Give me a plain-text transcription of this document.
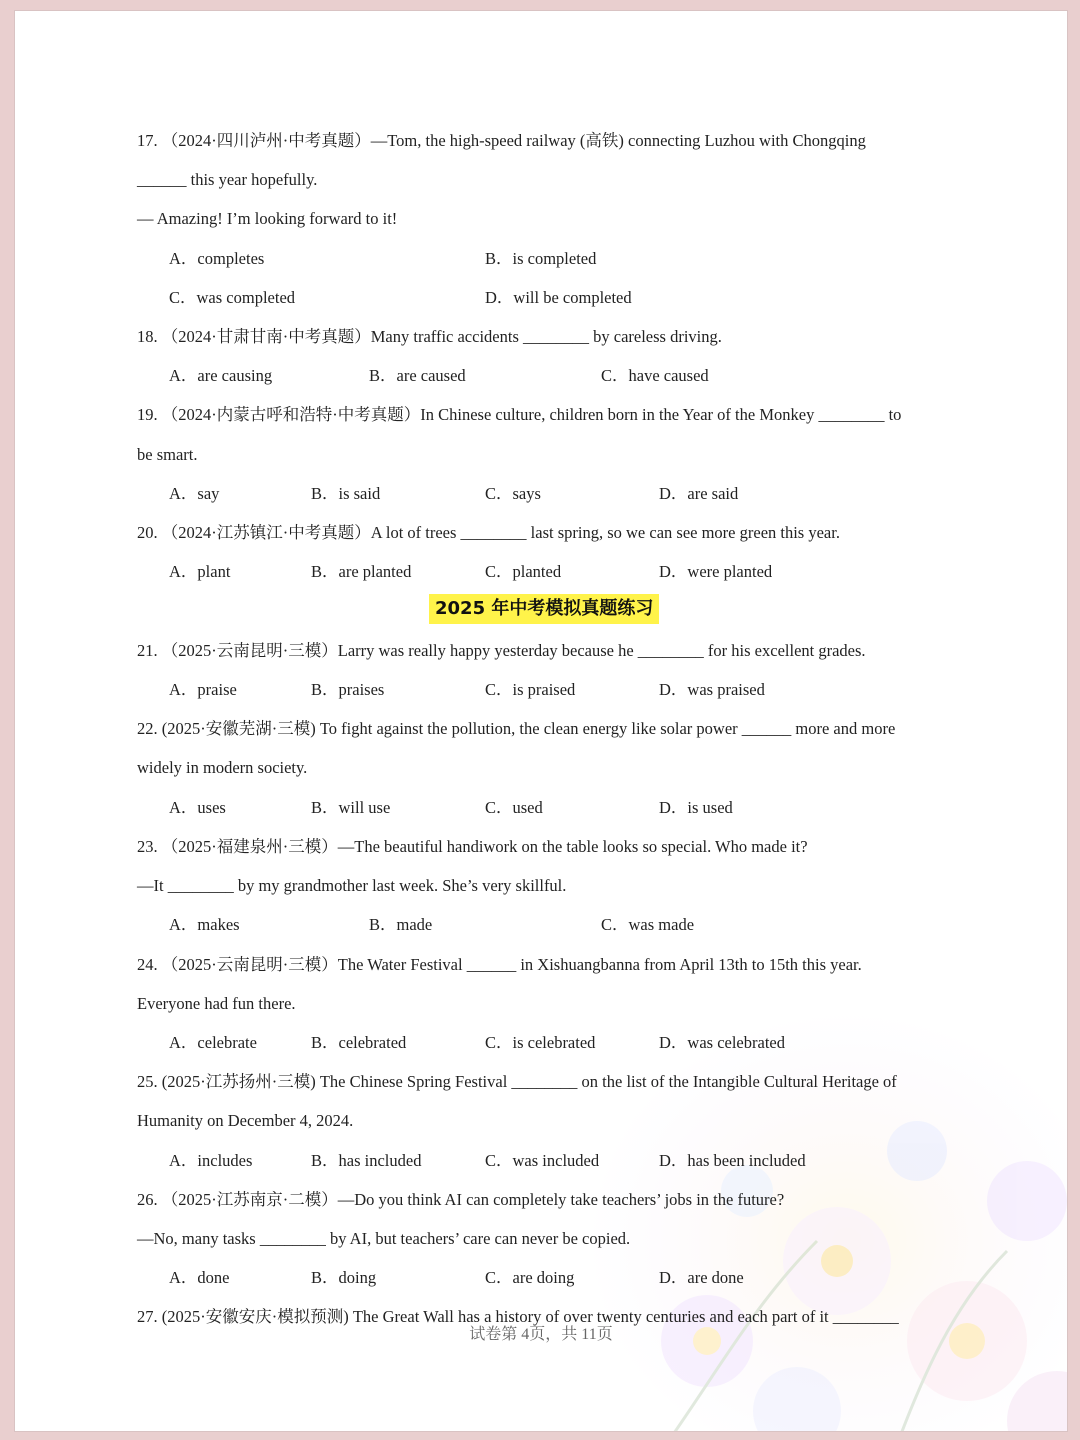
17. （2024·四川泸州·中考真题）—Tom, the high-speed railway (高铁) connecting Luzhou with Chongqing
______ this year hopefully.
— Amazing! I’m looking forward to it!
A．completes	B．is completed
C．was completed	D．will be completed
18. （2024·甘肃甘南·中考真题）Many traffic accidents ________ by careless driving.
A．are causing	B．are caused	C．have caused
19. （2024·内蒙古呼和浩特·中考真题）In Chinese culture, children born in the Year of the Monkey ________ to
be smart.
A．say	B．is said	C．says	D．are said
20. （2024·江苏镇江·中考真题）A lot of trees ________ last spring, so we can see more green this year.
A．plant	B．are planted	C．planted	D．were planted
2025 年中考模拟真题练习
21. （2025·云南昆明·三模）Larry was really happy yesterday because he ________ for his excellent grades.
A．praise	B．praises	C．is praised	D．was praised
22. (2025·安徽芜湖·三模) To fight against the pollution, the clean energy like solar power ______ more and more
widely in modern society.
A．uses	B．will use	C．used	D．is used
23. （2025·福建泉州·三模）—The beautiful handiwork on the table looks so special. Who made it?
—It ________ by my grandmother last week. She’s very skillful.
A．makes	B．made	C．was made
24. （2025·云南昆明·三模）The Water Festival ______ in Xishuangbanna from April 13th to 15th this year.
Everyone had fun there.
A．celebrate	B．celebrated	C．is celebrated	D．was celebrated
25. (2025·江苏扬州·三模) The Chinese Spring Festival ________ on the list of the Intangible Cultural Heritage of
Humanity on December 4, 2024.
A．includes	B．has included	C．was included	D．has been included
26. （2025·江苏南京·二模）—Do you think AI can completely take teachers’ jobs in the future?
—No, many tasks ________ by AI, but teachers’ care can never be copied.
A．done	B．doing	C．are doing	D．are done
27. (2025·安徽安庆·模拟预测) The Great Wall has a history of over twenty centuries and each part of it ________
试卷第 4页，共 11页
